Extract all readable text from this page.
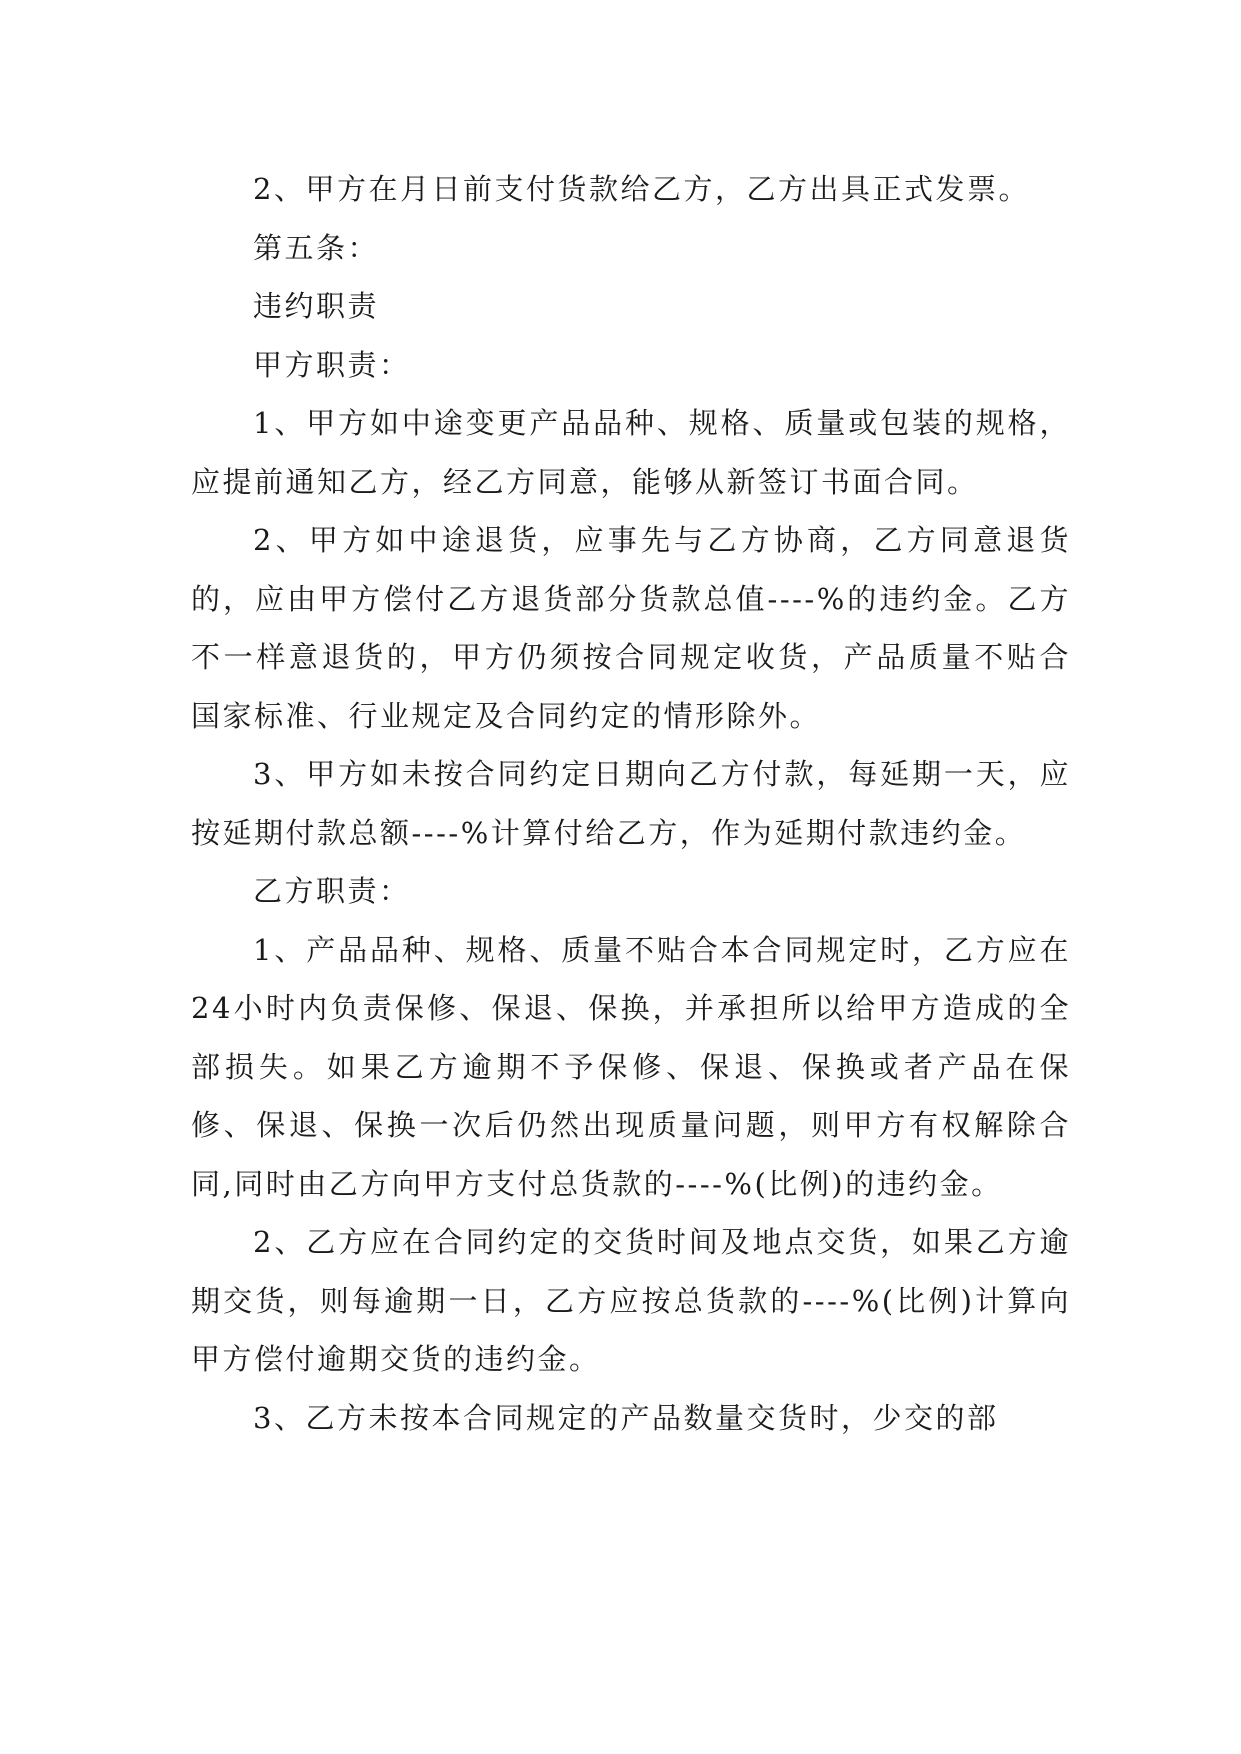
2、甲方在月日前支付货款给乙方，乙方出具正式发票。

第五条：

违约职责

甲方职责：

1、甲方如中途变更产品品种、规格、质量或包装的规格，应提前通知乙方，经乙方同意，能够从新签订书面合同。

2、甲方如中途退货，应事先与乙方协商，乙方同意退货的，应由甲方偿付乙方退货部分货款总值----%的违约金。乙方不一样意退货的，甲方仍须按合同规定收货，产品质量不贴合国家标准、行业规定及合同约定的情形除外。

3、甲方如未按合同约定日期向乙方付款，每延期一天，应按延期付款总额----%计算付给乙方，作为延期付款违约金。

乙方职责：

1、产品品种、规格、质量不贴合本合同规定时，乙方应在24小时内负责保修、保退、保换，并承担所以给甲方造成的全部损失。如果乙方逾期不予保修、保退、保换或者产品在保修、保退、保换一次后仍然出现质量问题，则甲方有权解除合同,同时由乙方向甲方支付总货款的----%(比例)的违约金。

2、乙方应在合同约定的交货时间及地点交货，如果乙方逾期交货，则每逾期一日，乙方应按总货款的----%(比例)计算向甲方偿付逾期交货的违约金。

3、乙方未按本合同规定的产品数量交货时，少交的部
